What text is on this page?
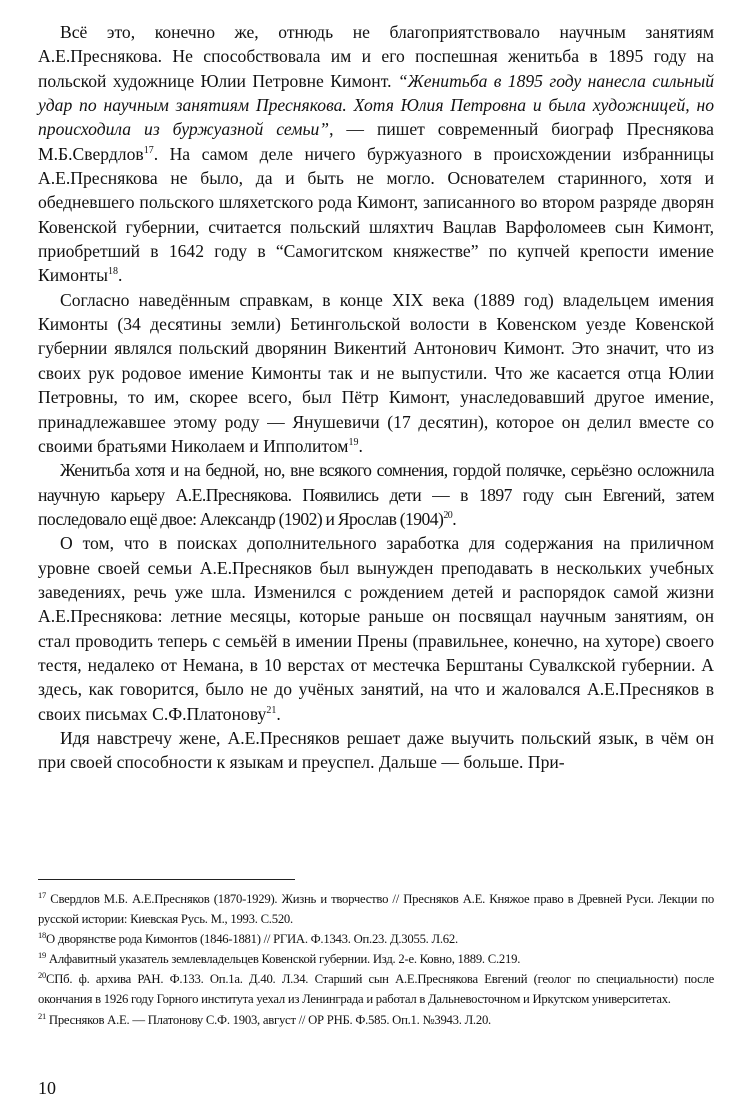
Всё это, конечно же, отнюдь не благоприятствовало научным занятиям А.Е.Преснякова. Не способствовала им и его поспешная женитьба в 1895 году на польской художнице Юлии Петровне Кимонт. “Женитьба в 1895 году нанесла сильный удар по научным занятиям Преснякова. Хотя Юлия Петровна и была художницей, но происходила из буржуазной семьи”, — пишет современный биограф Преснякова М.Б.Свердлов$^{17}$. На самом деле ничего буржуазного в происхождении избранницы А.Е.Преснякова не было, да и быть не могло. Основателем старинного, хотя и обедневшего польского шляхетского рода Кимонт, записанного во втором разряде дворян Ковенской губернии, считается польский шляхтич Вацлав Варфоломеев сын Кимонт, приобретший в 1642 году в “Самогитском княжестве” по купчей крепости имение Кимонты$^{18}$.

Согласно наведённым справкам, в конце XIX века (1889 год) владельцем имения Кимонты (34 десятины земли) Бетингольской волости в Ковенском уезде Ковенской губернии являлся польский дворянин Викентий Антонович Кимонт. Это значит, что из своих рук родовое имение Кимонты так и не выпустили. Что же касается отца Юлии Петровны, то им, скорее всего, был Пётр Кимонт, унаследовавший другое имение, принадлежавшее этому роду — Янушевичи (17 десятин), которое он делил вместе со своими братьями Николаем и Ипполитом$^{19}$.

Женитьба хотя и на бедной, но, вне всякого сомнения, гордой полячке, серьёзно осложнила научную карьеру А.Е.Преснякова. Появились дети — в 1897 году сын Евгений, затем последовало ещё двое: Александр (1902) и Ярослав $(1904)^{20}$.

О том, что в поисках дополнительного заработка для содержания на приличном уровне своей семьи А.Е.Пресняков был вынужден преподавать в нескольких учебных заведениях, речь уже шла. Изменился с рождением детей и распорядок самой жизни А.Е.Преснякова: летние месяцы, которые раньше он посвящал научным занятиям, он стал проводить теперь с семьёй в имении Прены (правильнее, конечно, на хуторе) своего тестя, недалеко от Немана, в 10 верстах от местечка Берштаны Сувалкской губернии. А здесь, как говорится, было не до учёных занятий, на что и жаловался А.Е.Пресняков в своих письмах С.Ф.Платонову$^{21}$.

Идя навстречу жене, А.Е.Пресняков решает даже выучить польский язык, в чём он при своей способности к языкам и преуспел. Дальше — больше. При-

$^{17}$ Свердлов М.Б. А.Е.Пресняков (1870-1929). Жизнь и творчество // Пресняков А.Е. Княжое право в Древней Руси. Лекции по русской истории: Киевская Русь. М., 1993. С.520.

$^{18}$О дворянстве рода Кимонтов (1846-1881) // РГИА. Ф.1343. Оп.23. Д.3055. Л.62.

$^{19}$ Алфавитный указатель землевладельцев Ковенской губернии. Изд. 2-е. Ковно, 1889. С.219.

$^{20}$СПб. ф. архива РАН. Ф.133. Оп.1а. Д.40. Л.34. Старший сын А.Е.Преснякова Евгений (геолог по специальности) после окончания в 1926 году Горного института уехал из Ленинграда и работал в Дальневосточном и Иркутском университетах.

$^{21}$ Пресняков А.Е. — Платонову С.Ф. 1903, август // ОР РНБ. Ф.585. Оп.1. №3943. Л.20.

10
